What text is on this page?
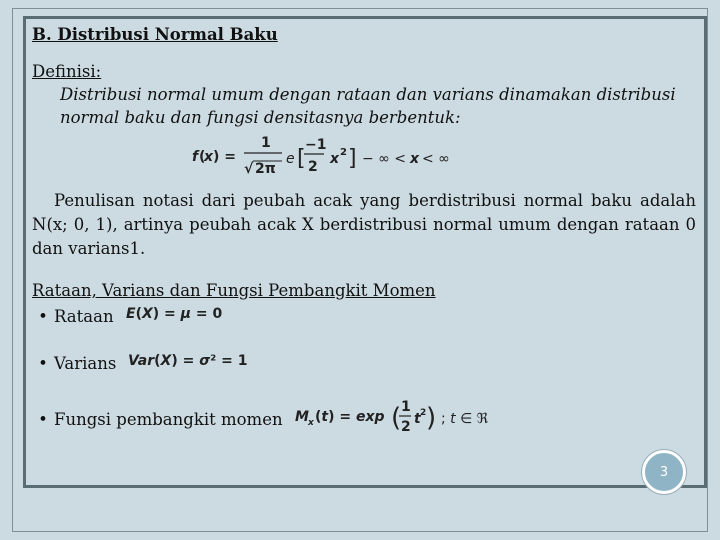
B. Distribusi Normal Baku
Definisi:
Distribusi normal umum dengan rataan dan varians dinamakan distribusi
normal baku dan fungsi densitasnya berbentuk:
f (
x ) =
1
√ 2π
e [
−1
2 x 2 ] − ∞ < x < ∞
Penulisan notasi dari peubah acak yang berdistribusi normal baku adalah N(x; 0, 1), artinya peubah acak X berdistribusi normal umum dengan rataan 0 dan varians1.
Rataan, Varians dan Fungsi Pembangkit Momen
• Rataan E(X) = μ = 0
• Varians Var(X) = σ² = 1
• Fungsi pembangkit momen M x (t) = exp ( 1
2 t 2 ) ; t ∈ ℜ
3
